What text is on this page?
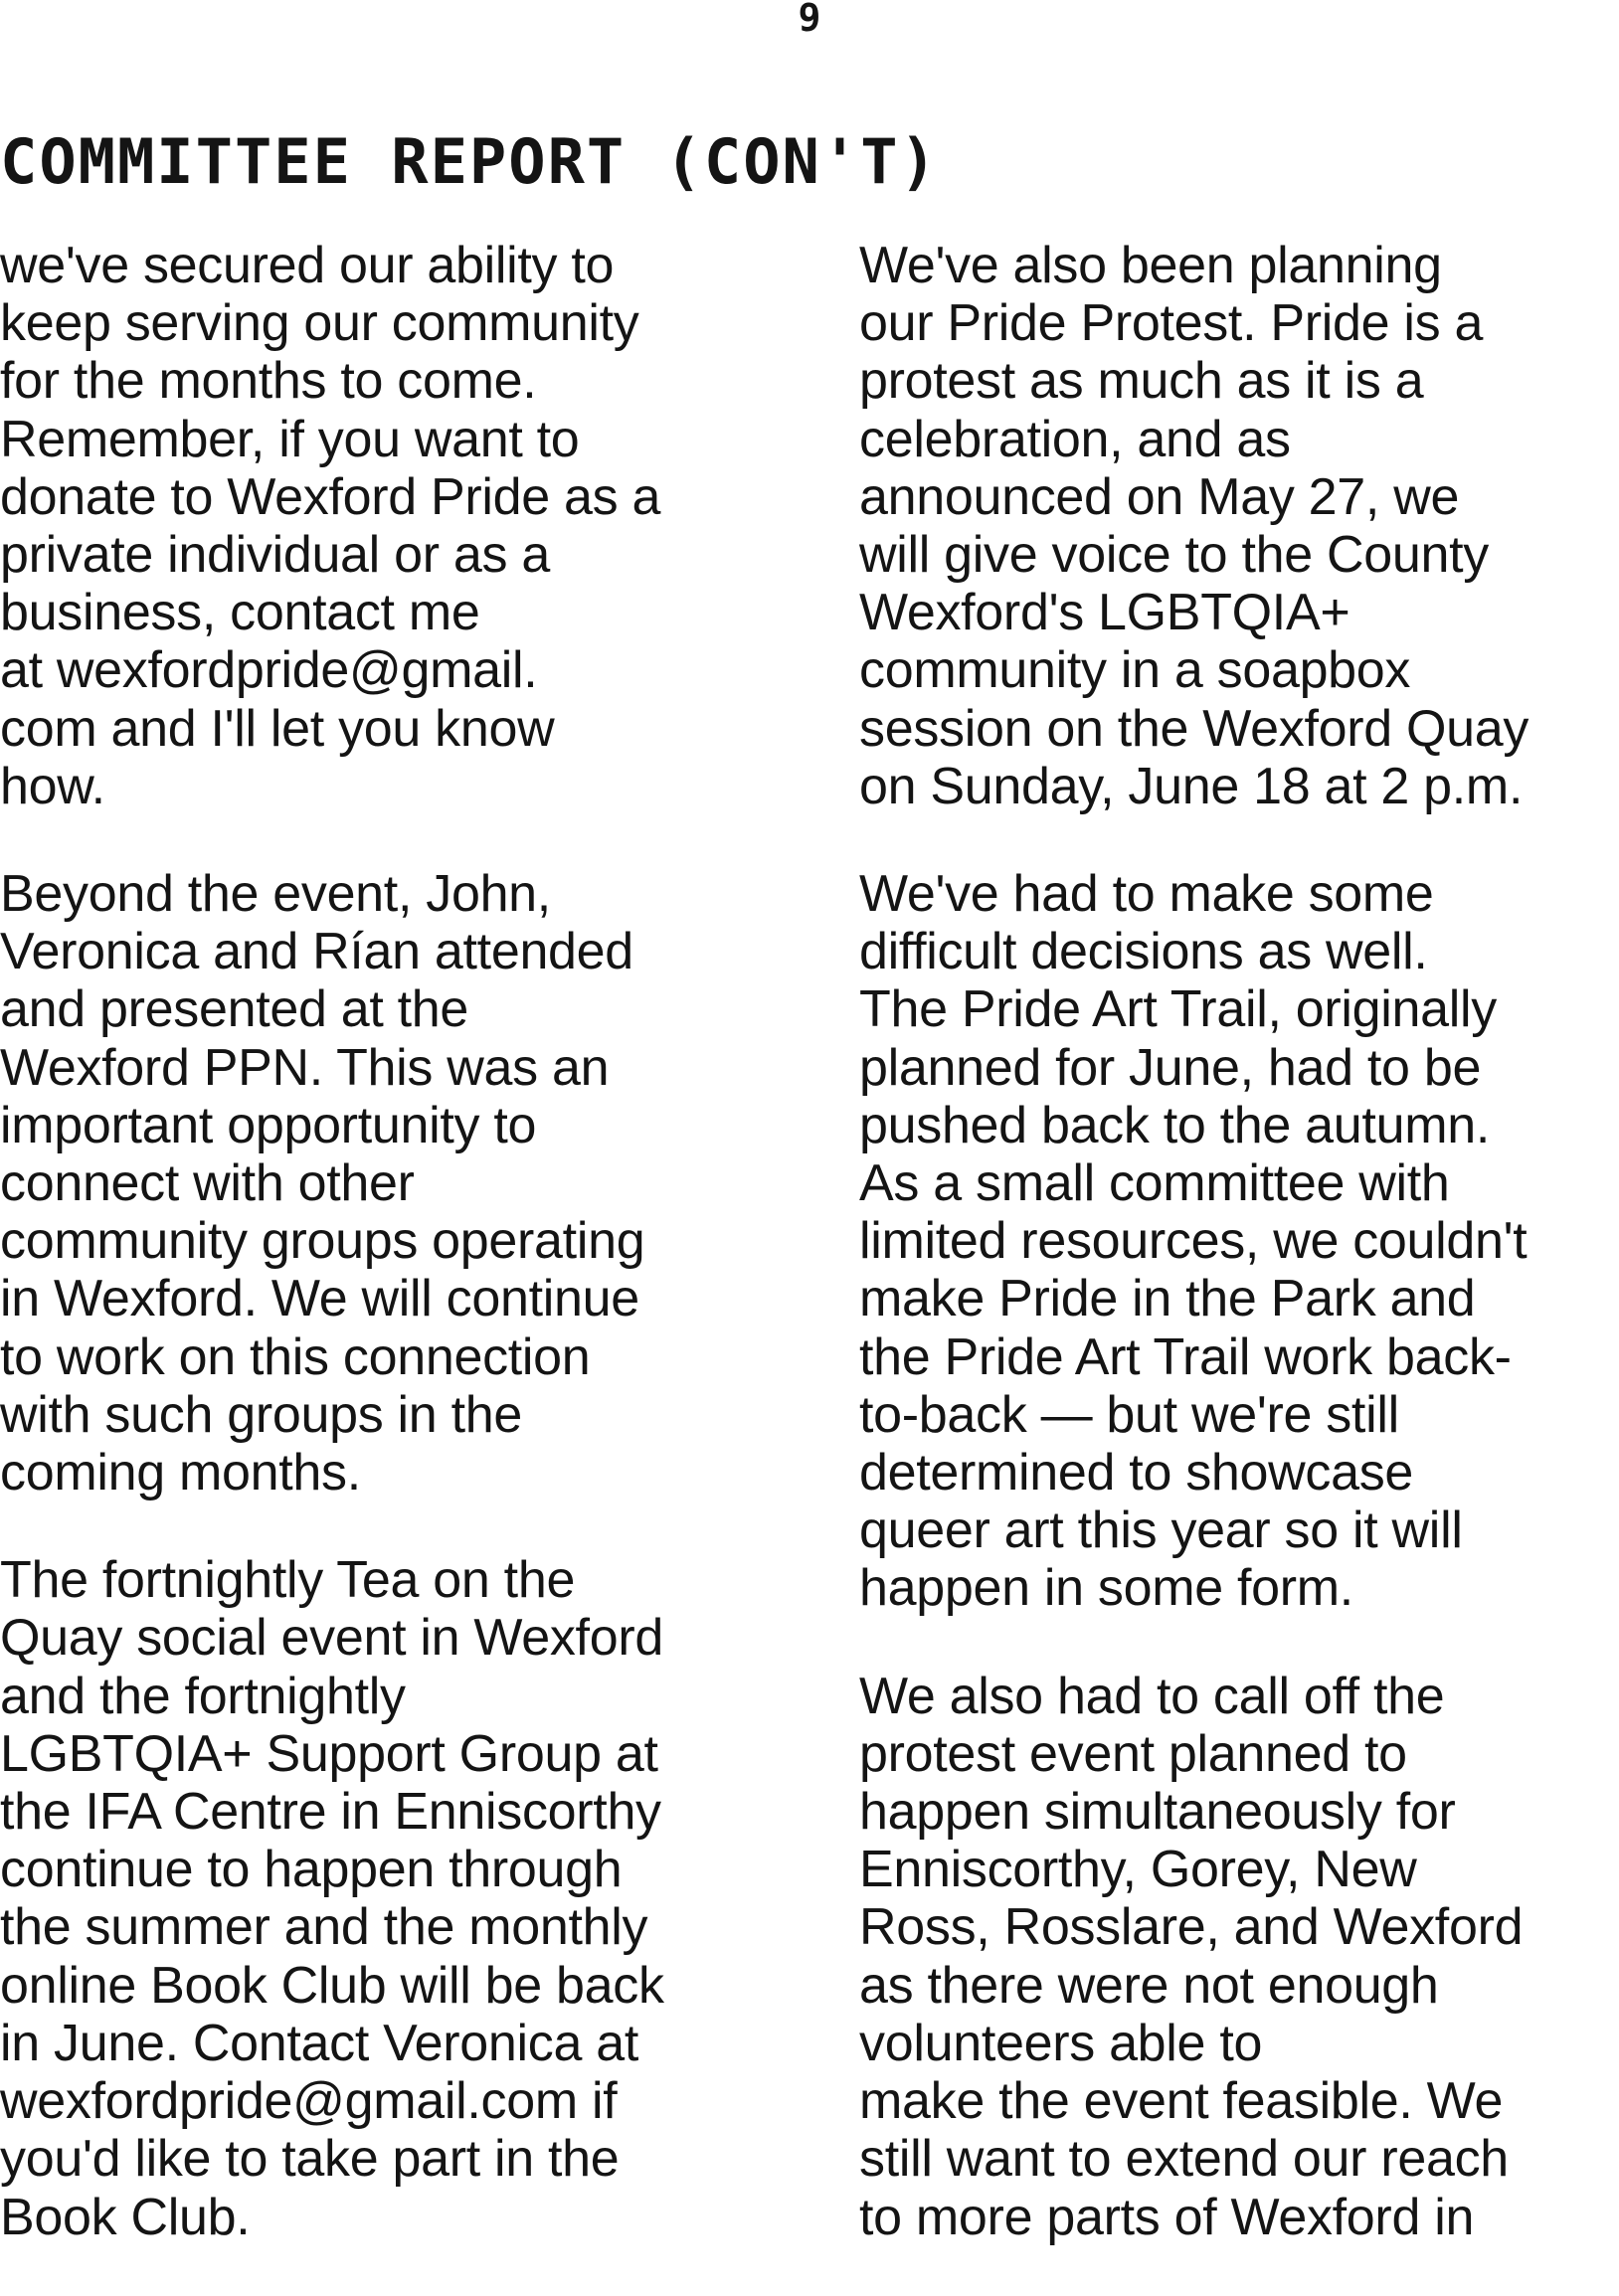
9
COMMITTEE REPORT (CON'T)

we've secured our ability to
keep serving our community
for the months to come.
Remember, if you want to
donate to Wexford Pride as a
private individual or as a
business, contact me
at wexfordpride@gmail.
com and I'll let you know
how.

Beyond the event, John,
Veronica and Rían attended
and presented at the
Wexford PPN. This was an
important opportunity to
connect with other
community groups operating
in Wexford. We will continue
to work on this connection
with such groups in the
coming months.

The fortnightly Tea on the
Quay social event in Wexford
and the fortnightly
LGBTQIA+ Support Group at
the IFA Centre in Enniscorthy
continue to happen through
the summer and the monthly
online Book Club will be back
in June. Contact Veronica at
wexfordpride@gmail.com if
you'd like to take part in the
Book Club.

We've also been planning
our Pride Protest. Pride is a
protest as much as it is a
celebration, and as
announced on May 27, we
will give voice to the County
Wexford's LGBTQIA+
community in a soapbox
session on the Wexford Quay
on Sunday, June 18 at 2 p.m.

We've had to make some
difficult decisions as well.
The Pride Art Trail, originally
planned for June, had to be
pushed back to the autumn.
As a small committee with
limited resources, we couldn't
make Pride in the Park and
the Pride Art Trail work back-
to-back — but we're still
determined to showcase
queer art this year so it will
happen in some form.

We also had to call off the
protest event planned to
happen simultaneously for
Enniscorthy, Gorey, New
Ross, Rosslare, and Wexford
as there were not enough
volunteers able to
make the event feasible. We
still want to extend our reach
to more parts of Wexford in
